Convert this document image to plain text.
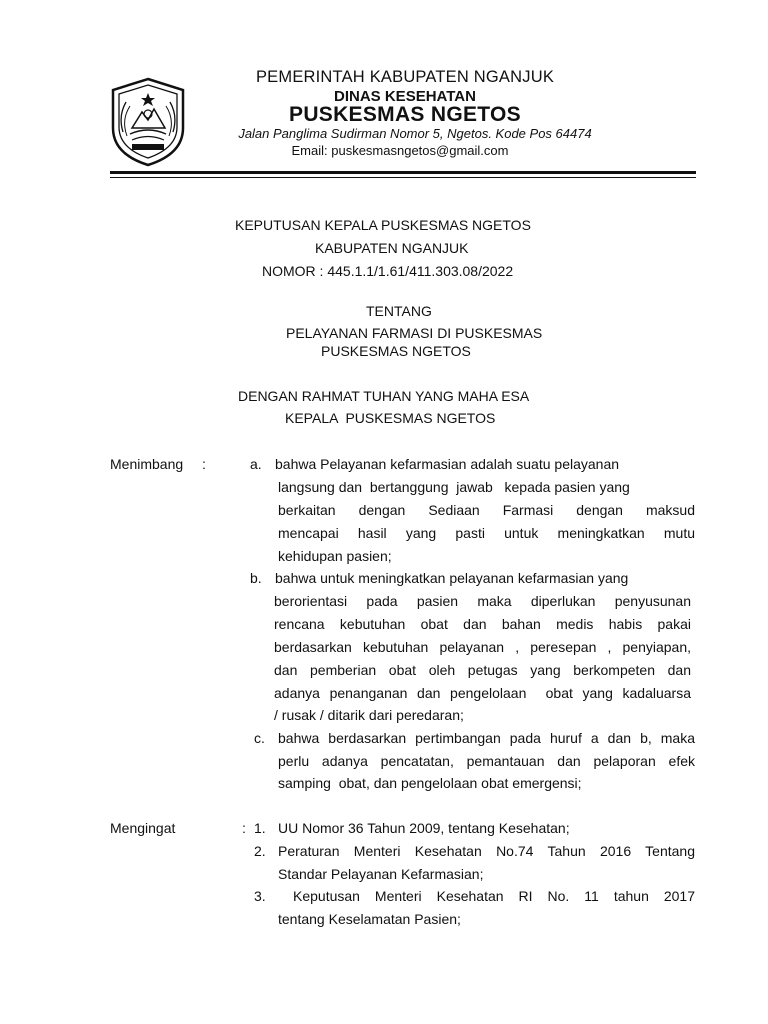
PEMERINTAH KABUPATEN NGANJUK
DINAS KESEHATAN
PUSKESMAS NGETOS
Jalan Panglima Sudirman Nomor 5, Ngetos. Kode Pos 64474
Email: puskesmasngetos@gmail.com
KEPUTUSAN KEPALA PUSKESMAS NGETOS
KABUPATEN NGANJUK
NOMOR : 445.1.1/1.61/411.303.08/2022
TENTANG
PELAYANAN FARMASI DI PUSKESMAS
PUSKESMAS NGETOS
DENGAN RAHMAT TUHAN YANG MAHA ESA
KEPALA  PUSKESMAS NGETOS
Menimbang :	a. bahwa Pelayanan kefarmasian adalah suatu pelayanan
langsung dan  bertanggung  jawab   kepada pasien yang
berkaitan dengan Sediaan Farmasi dengan maksud
mencapai hasil yang pasti untuk meningkatkan mutu
kehidupan pasien;
b. bahwa untuk meningkatkan pelayanan kefarmasian yang
berorientasi pada pasien maka diperlukan penyusunan
rencana kebutuhan obat dan bahan medis habis pakai
berdasarkan kebutuhan pelayanan , peresepan , penyiapan,
dan pemberian obat oleh petugas yang berkompeten dan
adanya penanganan dan pengelolaan  obat yang kadaluarsa
/ rusak / ditarik dari peredaran;
c. bahwa berdasarkan pertimbangan pada huruf a dan b, maka
perlu adanya pencatatan, pemantauan dan pelaporan efek
samping  obat, dan pengelolaan obat emergensi;
Mengingat	: 1. UU Nomor 36 Tahun 2009, tentang Kesehatan;
2. Peraturan Menteri Kesehatan No.74 Tahun 2016 Tentang
Standar Pelayanan Kefarmasian;
3. Keputusan Menteri Kesehatan RI No. 11 tahun 2017
tentang Keselamatan Pasien;
